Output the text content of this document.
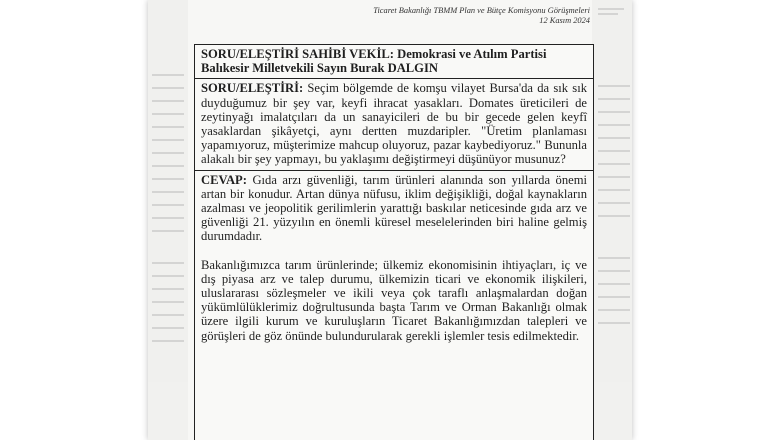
Ticaret Bakanlığı TBMM Plan ve Bütçe Komisyonu Görüşmeleri
12 Kasım 2024

SORU/ELEŞTİRİ SAHİBİ VEKİL: Demokrasi ve Atılım Partisi
Balıkesir Milletvekili Sayın Burak DALGIN

SORU/ELEŞTİRİ: Seçim bölgemde de komşu vilayet Bursa'da da sık sık duyduğumuz bir şey var, keyfi ihracat yasakları. Domates üreticileri de zeytinyağı imalatçıları da un sanayicileri de bu bir gecede gelen keyfî yasaklardan şikâyetçi, aynı dertten muzdaripler. "Üretim planlaması yapamıyoruz, müşterimize mahcup oluyoruz, pazar kaybediyoruz." Bununla alakalı bir şey yapmayı, bu yaklaşımı değiştirmeyi düşünüyor musunuz?

CEVAP: Gıda arzı güvenliği, tarım ürünleri alanında son yıllarda önemi artan bir konudur. Artan dünya nüfusu, iklim değişikliği, doğal kaynakların azalması ve jeopolitik gerilimlerin yarattığı baskılar neticesinde gıda arz ve güvenliği 21. yüzyılın en önemli küresel meselelerinden biri haline gelmiş durumdadır.

Bakanlığımızca tarım ürünlerinde; ülkemiz ekonomisinin ihtiyaçları, iç ve dış piyasa arz ve talep durumu, ülkemizin ticari ve ekonomik ilişkileri, uluslararası sözleşmeler ve ikili veya çok taraflı anlaşmalardan doğan yükümlülüklerimiz doğrultusunda başta Tarım ve Orman Bakanlığı olmak üzere ilgili kurum ve kuruluşların Ticaret Bakanlığımızdan talepleri ve görüşleri de göz önünde bulundurularak gerekli işlemler tesis edilmektedir.
